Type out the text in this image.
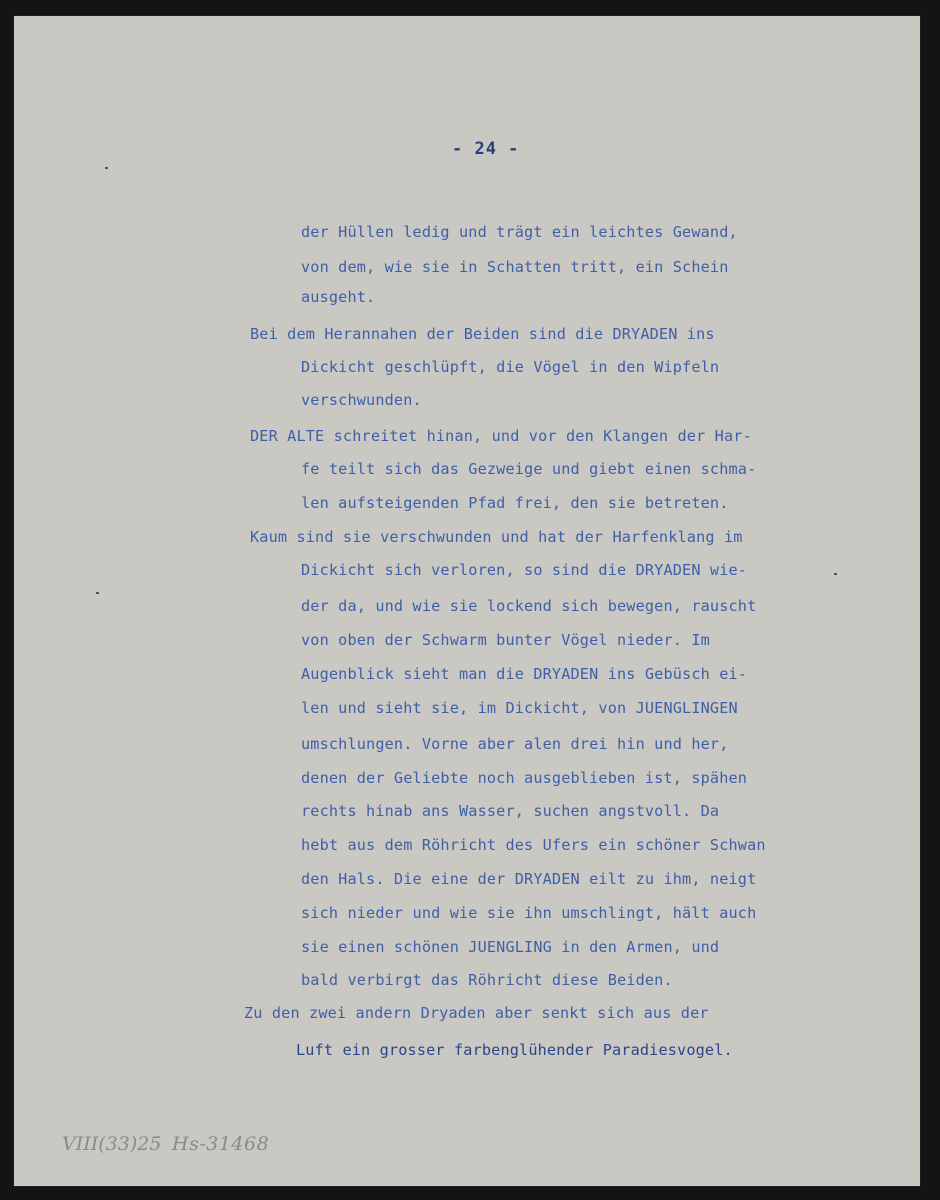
- 24 -
der Hüllen ledig und trägt ein leichtes Gewand,
von dem, wie sie in Schatten tritt, ein Schein
ausgeht.
Bei dem Herannahen der Beiden sind die DRYADEN ins
Dickicht geschlüpft, die Vögel in den Wipfeln
verschwunden.
DER ALTE schreitet hinan, und vor den Klangen der Har-
fe teilt sich das Gezweige und giebt einen schma-
len aufsteigenden Pfad frei, den sie betreten.
Kaum sind sie verschwunden und hat der Harfenklang im
Dickicht sich verloren, so sind die DRYADEN wie-
der da, und wie sie lockend sich bewegen, rauscht
von oben der Schwarm bunter Vögel nieder. Im
Augenblick sieht man die DRYADEN ins Gebüsch ei-
len und sieht sie, im Dickicht, von JUENGLINGEN
umschlungen. Vorne aber alen drei hin und her,
denen der Geliebte noch ausgeblieben ist, spähen
rechts hinab ans Wasser, suchen angstvoll. Da
hebt aus dem Röhricht des Ufers ein schöner Schwan
den Hals. Die eine der DRYADEN eilt zu ihm, neigt
sich nieder und wie sie ihn umschlingt, hält auch
sie einen schönen JUENGLING in den Armen, und
bald verbirgt das Röhricht diese Beiden.
Zu den zwei andern Dryaden aber senkt sich aus der
Luft ein grosser farbenglühender Paradiesvogel.
VIII(33)25 Hs-31468
